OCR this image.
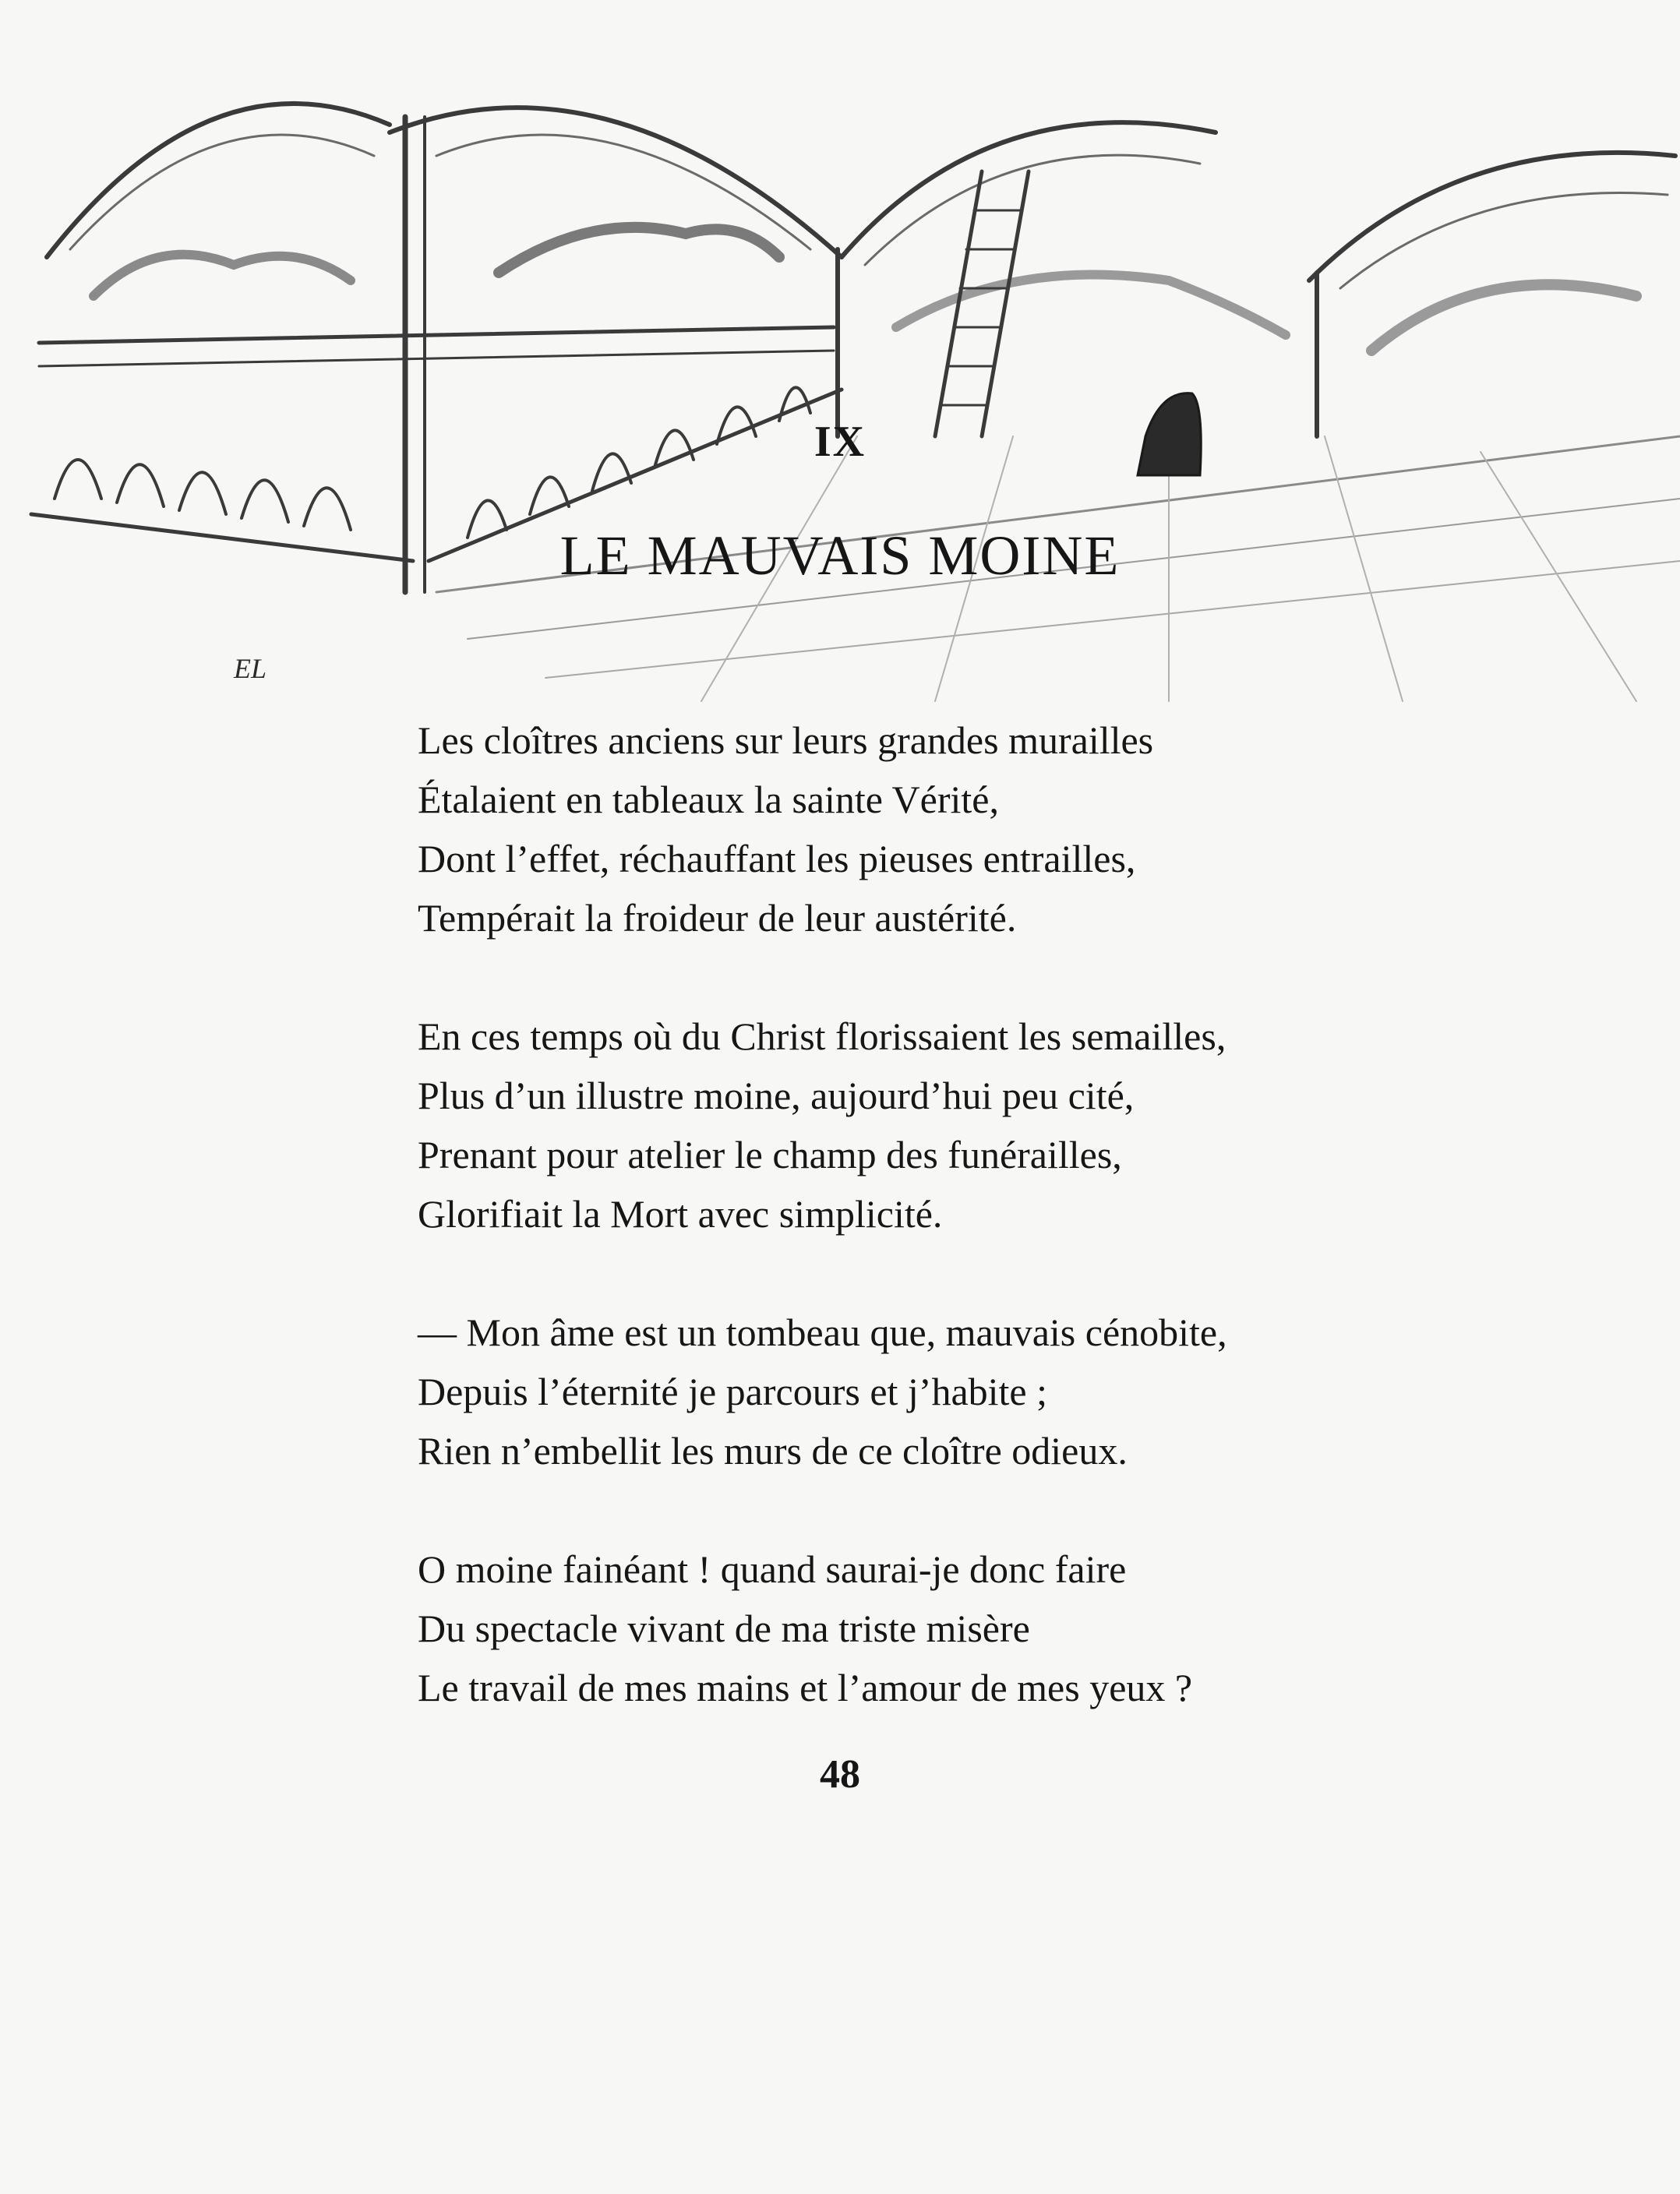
EL
IX
LE MAUVAIS MOINE
Les cloîtres anciens sur leurs grandes murailles
Étalaient en tableaux la sainte Vérité,
Dont l’effet, réchauffant les pieuses entrailles,
Tempérait la froideur de leur austérité.
En ces temps où du Christ florissaient les semailles,
Plus d’un illustre moine, aujourd’hui peu cité,
Prenant pour atelier le champ des funérailles,
Glorifiait la Mort avec simplicité.
— Mon âme est un tombeau que, mauvais cénobite,
Depuis l’éternité je parcours et j’habite ;
Rien n’embellit les murs de ce cloître odieux.
O moine fainéant ! quand saurai-je donc faire
Du spectacle vivant de ma triste misère
Le travail de mes mains et l’amour de mes yeux ?
48
